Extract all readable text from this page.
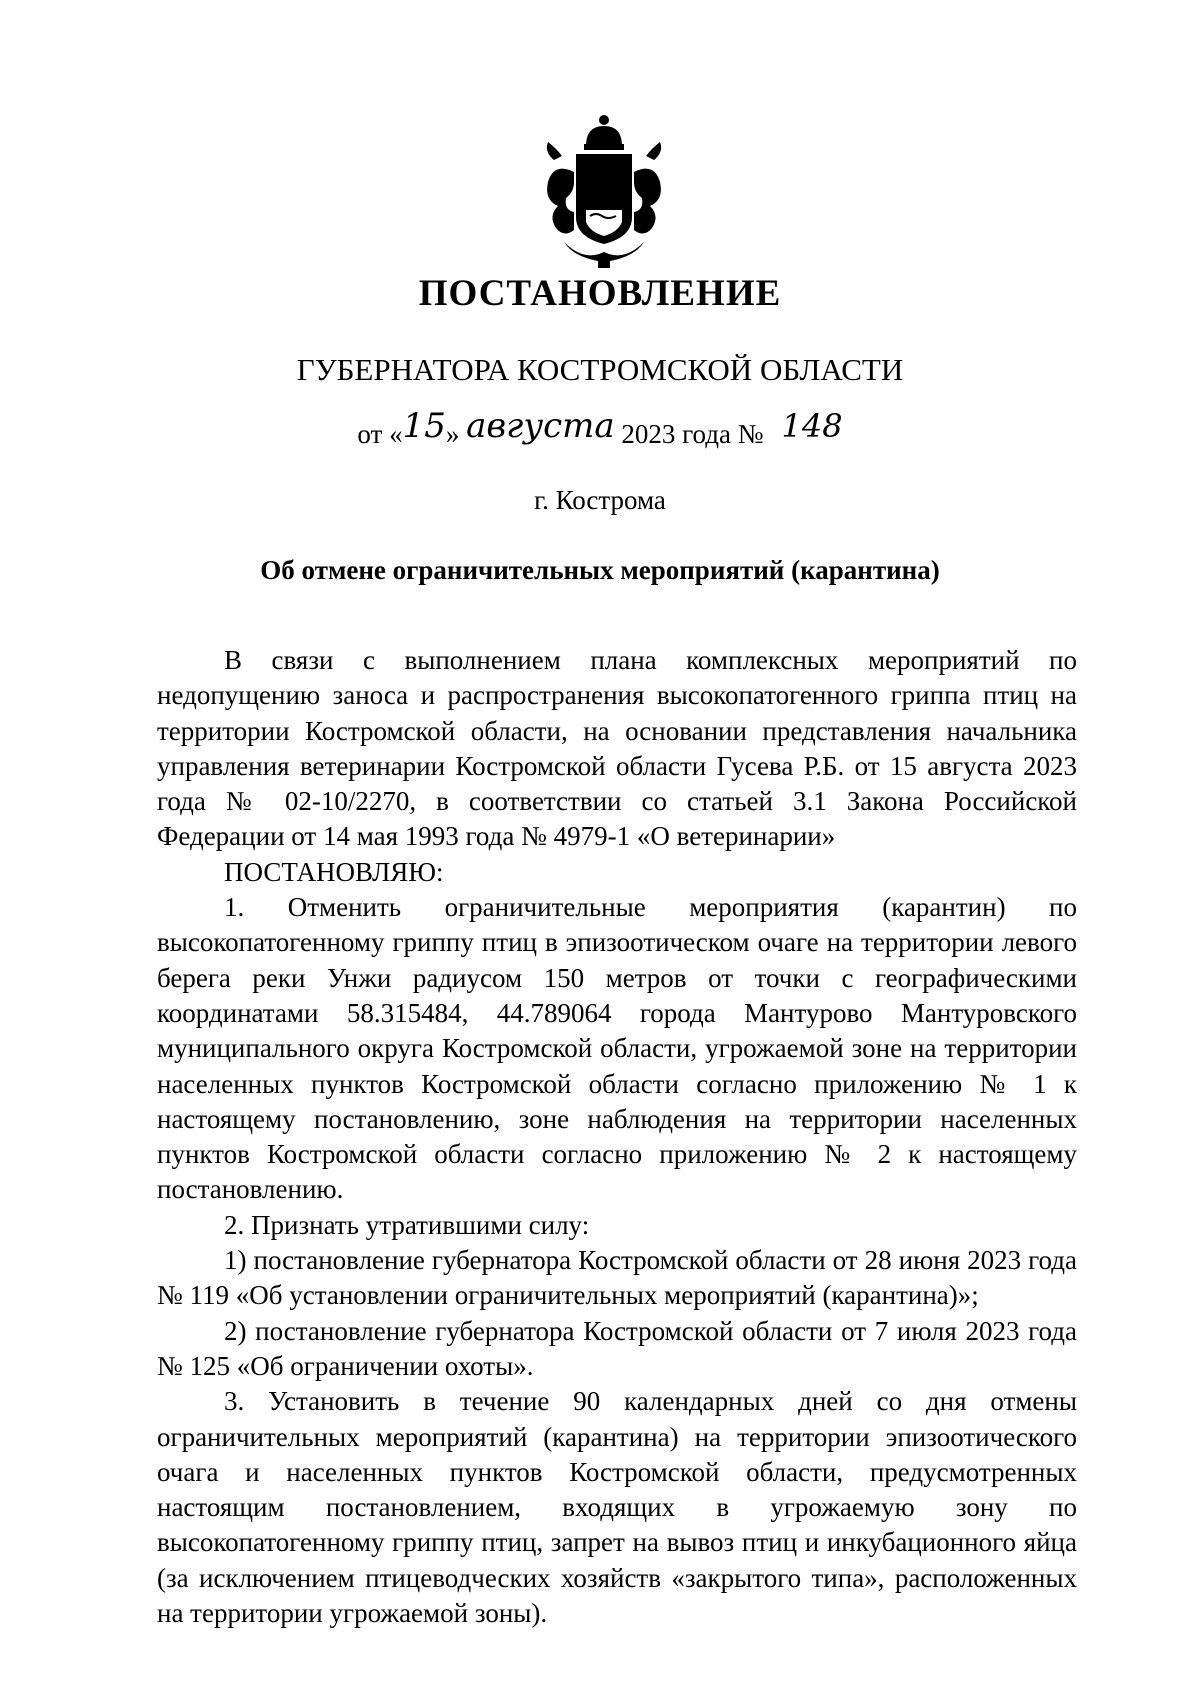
ПОСТАНОВЛЕНИЕ
ГУБЕРНАТОРА КОСТРОМСКОЙ ОБЛАСТИ
от «15» августа 2023 года № 148
г. Кострома
Об отмене ограничительных мероприятий (карантина)

В связи с выполнением плана комплексных мероприятий по недопущению заноса и распространения высокопатогенного гриппа птиц на территории Костромской области, на основании представления начальника управления ветеринарии Костромской области Гусева Р.Б. от 15 августа 2023 года № 02-10/2270, в соответствии со статьей 3.1 Закона Российской Федерации от 14 мая 1993 года № 4979-1 «О ветеринарии»

ПОСТАНОВЛЯЮ:

1. Отменить ограничительные мероприятия (карантин) по высокопатогенному гриппу птиц в эпизоотическом очаге на территории левого берега реки Унжи радиусом 150 метров от точки с географическими координатами 58.315484, 44.789064 города Мантурово Мантуровского муниципального округа Костромской области, угрожаемой зоне на территории населенных пунктов Костромской области согласно приложению № 1 к настоящему постановлению, зоне наблюдения на территории населенных пунктов Костромской области согласно приложению № 2 к настоящему постановлению.

2. Признать утратившими силу:

1) постановление губернатора Костромской области от 28 июня 2023 года № 119 «Об установлении ограничительных мероприятий (карантина)»;

2) постановление губернатора Костромской области от 7 июля 2023 года № 125 «Об ограничении охоты».

3. Установить в течение 90 календарных дней со дня отмены ограничительных мероприятий (карантина) на территории эпизоотического очага и населенных пунктов Костромской области, предусмотренных настоящим постановлением, входящих в угрожаемую зону по высокопатогенному гриппу птиц, запрет на вывоз птиц и инкубационного яйца (за исключением птицеводческих хозяйств «закрытого типа», расположенных на территории угрожаемой зоны).
